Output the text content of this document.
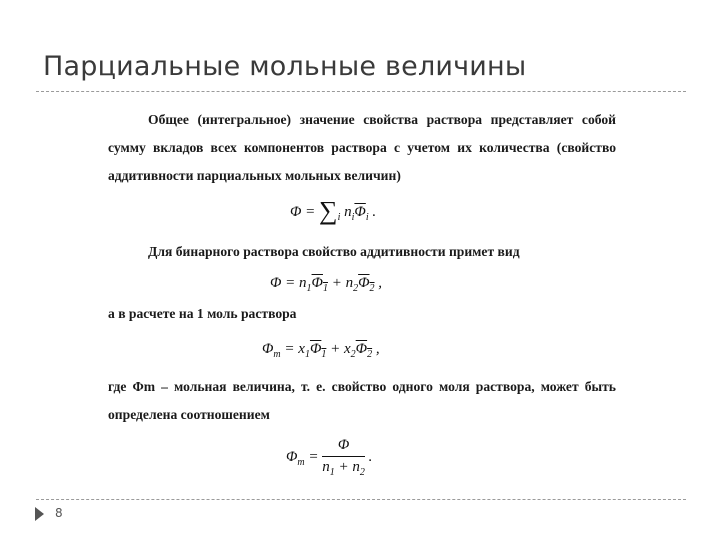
Парциальные мольные величины
Общее (интегральное) значение свойства раствора представляет собой сумму вкладов всех компонентов раствора с учетом их количества (свойство аддитивности парциальных мольных величин)
$\Phi = \sum_i$ $n_i\overline{\Phi}_i$ .
Для бинарного раствора свойство аддитивности примет вид
$\Phi = n_1\Phi_1 + n_2\Phi_2$ ,
а в расчете на 1 моль раствора
$\Phi_m = x_1\Phi_1 + x_2\Phi_2$ ,
где Φm – мольная величина, т. е. свойство одного моля раствора, может быть определена соотношением
$\Phi_m = \frac{\Phi}{n_1 + n_2}$ .
8
